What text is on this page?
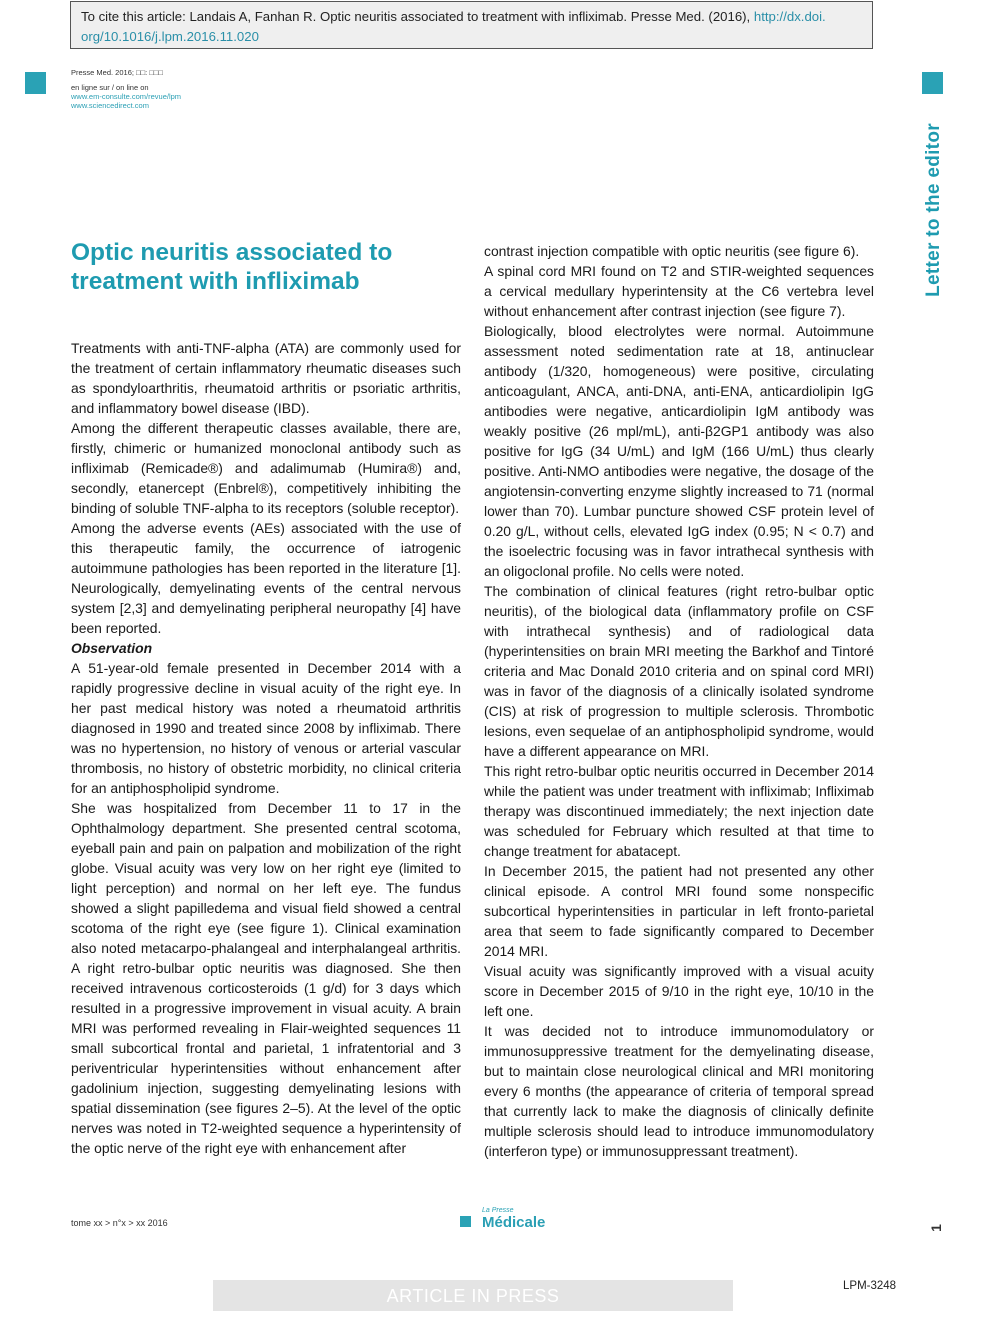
To cite this article: Landais A, Fanhan R. Optic neuritis associated to treatment with infliximab. Presse Med. (2016), http://dx.doi.
org/10.1016/j.lpm.2016.11.020
Presse Med. 2016; □□: □□□
en ligne sur / on line on
www.em-consulte.com/revue/lpm
www.sciencedirect.com
Letter to the editor
Optic neuritis associated to treatment with infliximab

Treatments with anti-TNF-alpha (ATA) are commonly used for the treatment of certain inflammatory rheumatic diseases such as spondyloarthritis, rheumatoid arthritis or psoriatic arthritis, and inflammatory bowel disease (IBD).

Among the different therapeutic classes available, there are, firstly, chimeric or humanized monoclonal antibody such as infliximab (Remicade®) and adalimumab (Humira®) and, secondly, etanercept (Enbrel®), competitively inhibiting the binding of soluble TNF-alpha to its receptors (soluble receptor).

Among the adverse events (AEs) associated with the use of this therapeutic family, the occurrence of iatrogenic autoimmune pathologies has been reported in the literature [1]. Neurologically, demyelinating events of the central nervous system [2,3] and demyelinating peripheral neuropathy [4] have been reported.

Observation

A 51-year-old female presented in December 2014 with a rapidly progressive decline in visual acuity of the right eye. In her past medical history was noted a rheumatoid arthritis diagnosed in 1990 and treated since 2008 by infliximab. There was no hypertension, no history of venous or arterial vascular thrombosis, no history of obstetric morbidity, no clinical criteria for an antiphospholipid syndrome.

She was hospitalized from December 11 to 17 in the Ophthalmology department. She presented central scotoma, eyeball pain and pain on palpation and mobilization of the right globe. Visual acuity was very low on her right eye (limited to light perception) and normal on her left eye. The fundus showed a slight papilledema and visual field showed a central scotoma of the right eye (see figure 1). Clinical examination also noted metacarpo-phalangeal and interphalangeal arthritis. A right retro-bulbar optic neuritis was diagnosed. She then received intravenous corticosteroids (1 g/d) for 3 days which resulted in a progressive improvement in visual acuity. A brain MRI was performed revealing in Flair-weighted sequences 11 small subcortical frontal and parietal, 1 infratentorial and 3 periventricular hyperintensities without enhancement after gadolinium injection, suggesting demyelinating lesions with spatial dissemination (see figures 2–5). At the level of the optic nerves was noted in T2-weighted sequence a hyperintensity of the optic nerve of the right eye with enhancement after

contrast injection compatible with optic neuritis (see figure 6).

A spinal cord MRI found on T2 and STIR-weighted sequences a cervical medullary hyperintensity at the C6 vertebra level without enhancement after contrast injection (see figure 7).

Biologically, blood electrolytes were normal. Autoimmune assessment noted sedimentation rate at 18, antinuclear antibody (1/320, homogeneous) were positive, circulating anticoagulant, ANCA, anti-DNA, anti-ENA, anticardiolipin IgG antibodies were negative, anticardiolipin IgM antibody was weakly positive (26 mpl/mL), anti-β2GP1 antibody was also positive for IgG (34 U/mL) and IgM (166 U/mL) thus clearly positive. Anti-NMO antibodies were negative, the dosage of the angiotensin-converting enzyme slightly increased to 71 (normal lower than 70). Lumbar puncture showed CSF protein level of 0.20 g/L, without cells, elevated IgG index (0.95; N < 0.7) and the isoelectric focusing was in favor intrathecal synthesis with an oligoclonal profile. No cells were noted.

The combination of clinical features (right retro-bulbar optic neuritis), of the biological data (inflammatory profile on CSF with intrathecal synthesis) and of radiological data (hyperintensities on brain MRI meeting the Barkhof and Tintoré criteria and Mac Donald 2010 criteria and on spinal cord MRI) was in favor of the diagnosis of a clinically isolated syndrome (CIS) at risk of progression to multiple sclerosis. Thrombotic lesions, even sequelae of an antiphospholipid syndrome, would have a different appearance on MRI.

This right retro-bulbar optic neuritis occurred in December 2014 while the patient was under treatment with infliximab; Infliximab therapy was discontinued immediately; the next injection date was scheduled for February which resulted at that time to change treatment for abatacept.

In December 2015, the patient had not presented any other clinical episode. A control MRI found some nonspecific subcortical hyperintensities in particular in left fronto-parietal area that seem to fade significantly compared to December 2014 MRI.

Visual acuity was significantly improved with a visual acuity score in December 2015 of 9/10 in the right eye, 10/10 in the left one.

It was decided not to introduce immunomodulatory or immunosuppressive treatment for the demyelinating disease, but to maintain close neurological clinical and MRI monitoring every 6 months (the appearance of criteria of temporal spread that currently lack to make the diagnosis of clinically definite multiple sclerosis should lead to introduce immunomodulatory (interferon type) or immunosuppressant treatment).

tome xx > n°x > xx 2016
La Presse
Médicale	1
ARTICLE IN PRESS	LPM-3248
